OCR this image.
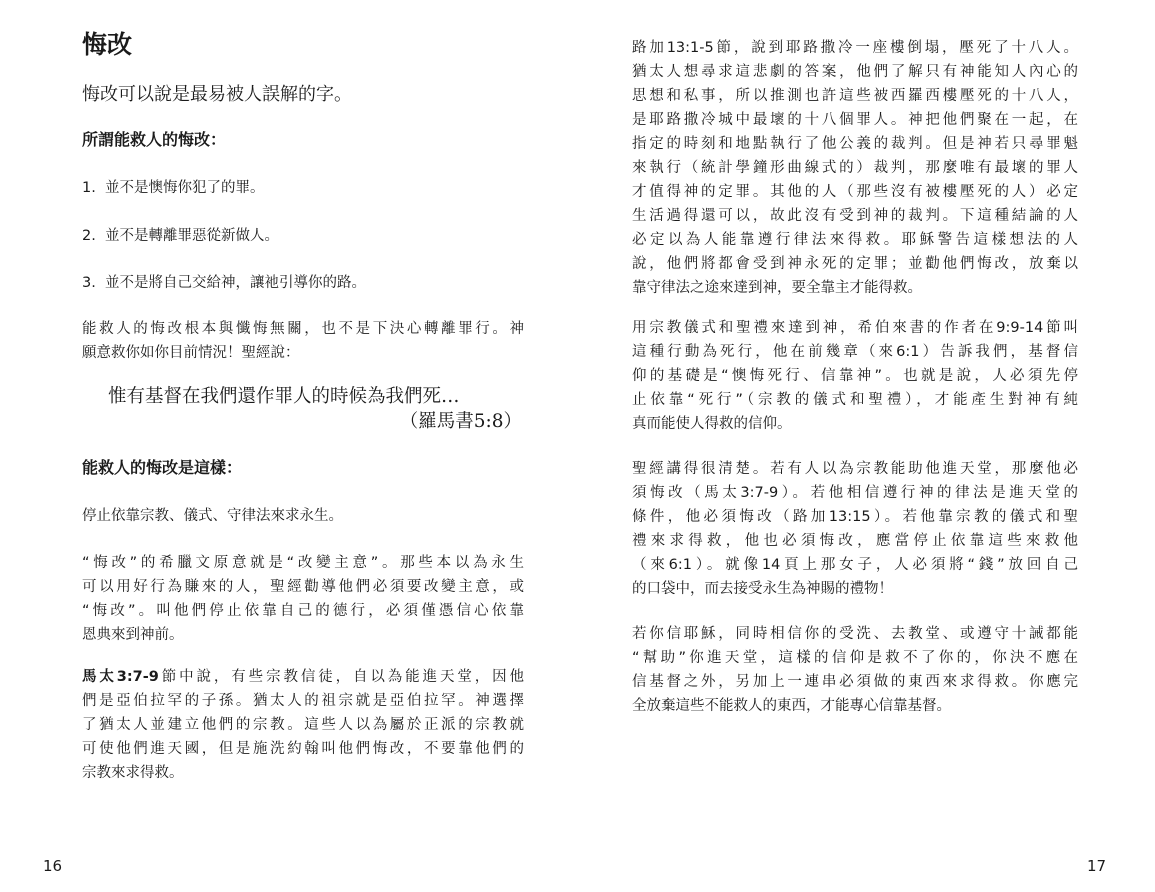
悔改

悔改可以說是最易被人誤解的字。

所謂能救人的悔改：

1. 並不是懊悔你犯了的罪。

2. 並不是轉離罪惡從新做人。

3. 並不是將自己交給神，讓祂引導你的路。

能救人的悔改根本與懺悔無關，也不是下決心轉離罪行。神
願意救你如你目前情況！聖經說：
惟有基督在我們還作罪人的時候為我們死…
（羅馬書5:8）
能救人的悔改是這樣：
停止依靠宗教、儀式、守律法來求永生。
“悔改”的希臘文原意就是“改變主意”。那些本以為永生
可以用好行為賺來的人，聖經勸導他們必須要改變主意，或
“悔改”。叫他們停止依靠自己的德行，必須僅憑信心依靠
恩典來到神前。
馬太3:7-9節中說，有些宗教信徒，自以為能進天堂，因他
們是亞伯拉罕的子孫。猶太人的祖宗就是亞伯拉罕。神選擇
了猶太人並建立他們的宗教。這些人以為屬於正派的宗教就
可使他們進天國，但是施洗約翰叫他們悔改，不要靠他們的
宗教來求得救。
16
路加13:1-5節，說到耶路撒冷一座樓倒塌，壓死了十八人。
猶太人想尋求這悲劇的答案，他們了解只有神能知人內心的
思想和私事，所以推測也許這些被西羅西樓壓死的十八人，
是耶路撒冷城中最壞的十八個罪人。神把他們聚在一起，在
指定的時刻和地點執行了他公義的裁判。但是神若只尋罪魁
來執行（統計學鐘形曲線式的）裁判，那麼唯有最壞的罪人
才值得神的定罪。其他的人（那些沒有被樓壓死的人）必定
生活過得還可以，故此沒有受到神的裁判。下這種結論的人
必定以為人能靠遵行律法來得救。耶穌警告這樣想法的人
說，他們將都會受到神永死的定罪；並勸他們悔改，放棄以
靠守律法之途來達到神，要全靠主才能得救。
用宗教儀式和聖禮來達到神，希伯來書的作者在9:9-14節叫
這種行動為死行，他在前幾章（來6:1）告訴我們，基督信
仰的基礎是“懊悔死行、信靠神”。也就是說，人必須先停
止依靠“死行”（宗教的儀式和聖禮），才能產生對神有純
真而能使人得救的信仰。
聖經講得很清楚。若有人以為宗教能助他進天堂，那麼他必
須悔改（馬太3:7-9）。若他相信遵行神的律法是進天堂的
條件，他必須悔改（路加13:15）。若他靠宗教的儀式和聖
禮來求得救，他也必須悔改，應當停止依靠這些來救他
（來6:1）。就像14頁上那女子，人必須將“錢”放回自己
的口袋中，而去接受永生為神賜的禮物！
若你信耶穌，同時相信你的受洗、去教堂、或遵守十誡都能
“幫助”你進天堂，這樣的信仰是救不了你的，你決不應在
信基督之外，另加上一連串必須做的東西來求得救。你應完
全放棄這些不能救人的東西，才能專心信靠基督。
17
